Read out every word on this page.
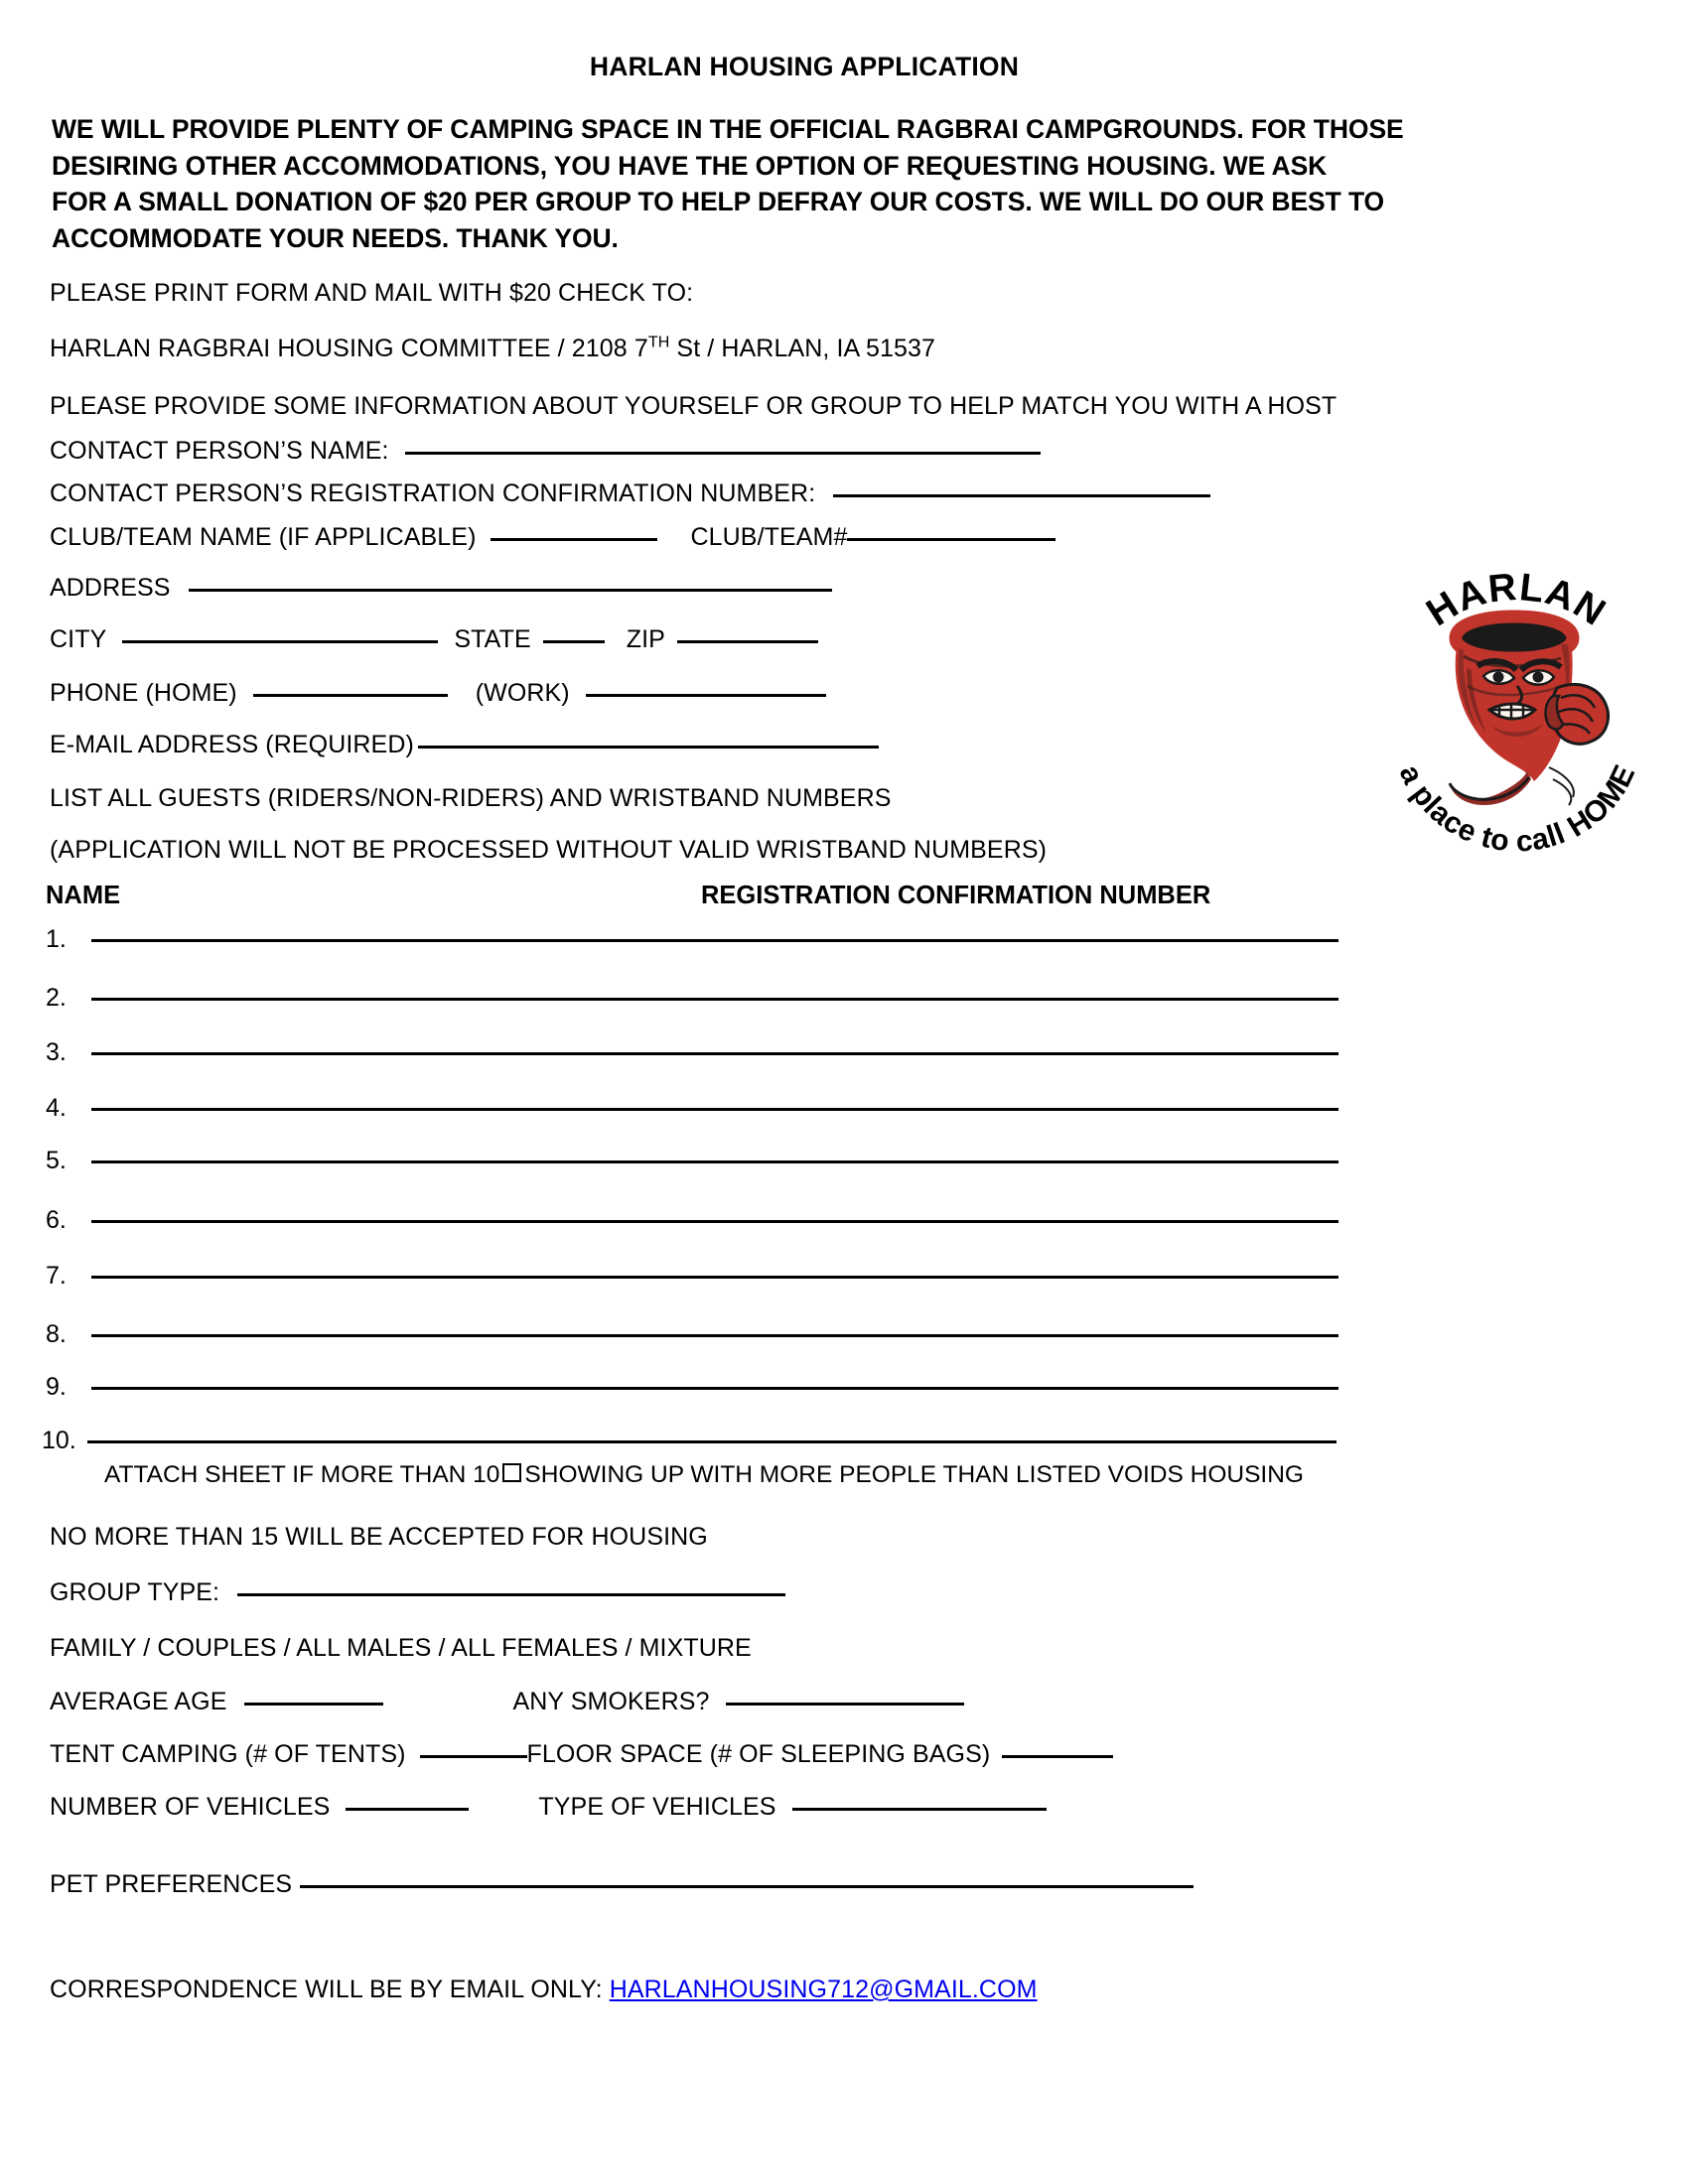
HARLAN HOUSING APPLICATION
WE WILL PROVIDE PLENTY OF CAMPING SPACE IN THE OFFICIAL RAGBRAI CAMPGROUNDS. FOR THOSE
DESIRING OTHER ACCOMMODATIONS, YOU HAVE THE OPTION OF REQUESTING HOUSING. WE ASK
FOR A SMALL DONATION OF $20 PER GROUP TO HELP DEFRAY OUR COSTS. WE WILL DO OUR BEST TO
ACCOMMODATE YOUR NEEDS. THANK YOU.
PLEASE PRINT FORM AND MAIL WITH $20 CHECK TO:
HARLAN RAGBRAI HOUSING COMMITTEE / 2108 7TH St / HARLAN, IA 51537
PLEASE PROVIDE SOME INFORMATION ABOUT YOURSELF OR GROUP TO HELP MATCH YOU WITH A HOST
CONTACT PERSON’S NAME:
CONTACT PERSON’S REGISTRATION CONFIRMATION NUMBER:
CLUB/TEAM NAME (IF APPLICABLE)	CLUB/TEAM#
ADDRESS
CITY	STATE	ZIP
PHONE (HOME)	(WORK)
E-MAIL ADDRESS (REQUIRED)
LIST ALL GUESTS (RIDERS/NON-RIDERS) AND WRISTBAND NUMBERS
(APPLICATION WILL NOT BE PROCESSED WITHOUT VALID WRISTBAND NUMBERS)
NAME	REGISTRATION CONFIRMATION NUMBER
1.
2.
3.
4.
5.
6.
7.
8.
9.
10.
ATTACH SHEET IF MORE THAN 10 SHOWING UP WITH MORE PEOPLE THAN LISTED VOIDS HOUSING
NO MORE THAN 15 WILL BE ACCEPTED FOR HOUSING
GROUP TYPE:
FAMILY / COUPLES / ALL MALES / ALL FEMALES / MIXTURE
AVERAGE AGE	ANY SMOKERS?
TENT CAMPING (# OF TENTS)	FLOOR SPACE (# OF SLEEPING BAGS)
NUMBER OF VEHICLES	TYPE OF VEHICLES
PET PREFERENCES
CORRESPONDENCE WILL BE BY EMAIL ONLY: HARLANHOUSING712@GMAIL.COM
HARLAN
a place to call HOME
